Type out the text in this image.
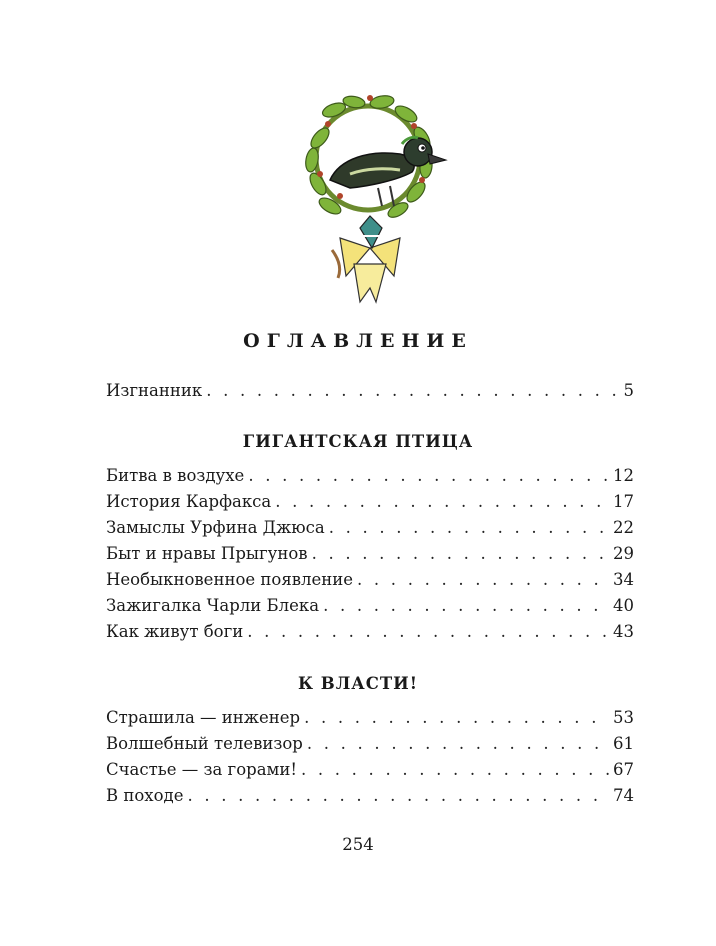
ОГЛАВЛЕНИЕ
Изгнанник . . .	5
ГИГАНТСКАЯ ПТИЦА
Битва в воздухе . . .	12
История Карфакса . . .	17
Замыслы Урфина Джюса . . .	22
Быт и нравы Прыгунов . . .	29
Необыкновенное появление . . .	34
Зажигалка Чарли Блека . . .	40
Как живут боги . . .	43
К ВЛАСТИ!
Страшила — инженер . . .	53
Волшебный телевизор . . .	61
Счастье — за горами! . . .	67
В походе . . .	74
254
